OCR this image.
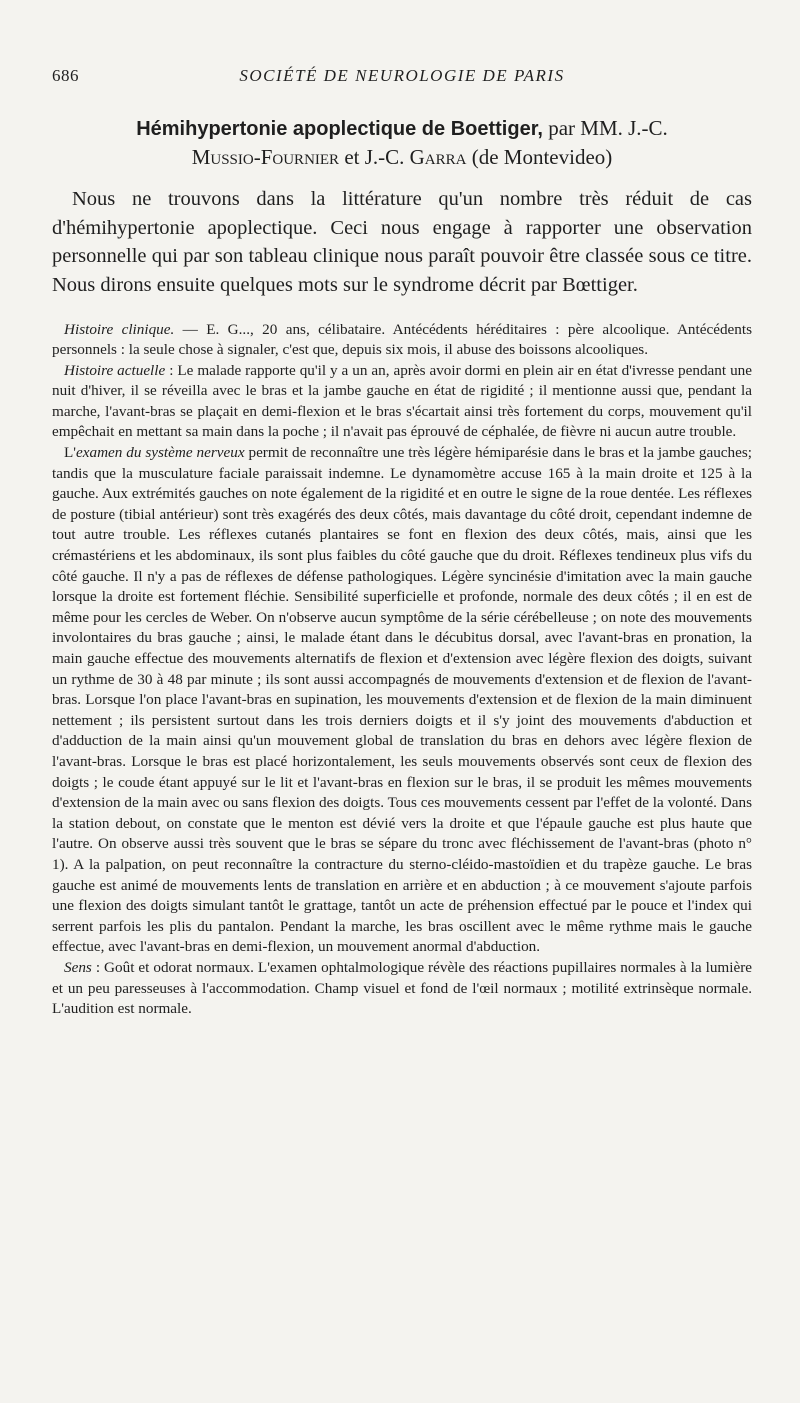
686	SOCIÉTÉ DE NEUROLOGIE DE PARIS
Hémihypertonie apoplectique de Boettiger, par MM. J.-C.
Mussio-Fournier et J.-C. Garra (de Montevideo)

Nous ne trouvons dans la littérature qu'un nombre très réduit de cas d'hémihypertonie apoplectique. Ceci nous engage à rapporter une observation personnelle qui par son tableau clinique nous paraît pouvoir être classée sous ce titre. Nous dirons ensuite quelques mots sur le syndrome décrit par Bœttiger.

Histoire clinique. — E. G..., 20 ans, célibataire. Antécédents héréditaires : père alcoolique. Antécédents personnels : la seule chose à signaler, c'est que, depuis six mois, il abuse des boissons alcooliques.

Histoire actuelle : Le malade rapporte qu'il y a un an, après avoir dormi en plein air en état d'ivresse pendant une nuit d'hiver, il se réveilla avec le bras et la jambe gauche en état de rigidité ; il mentionne aussi que, pendant la marche, l'avant-bras se plaçait en demi-flexion et le bras s'écartait ainsi très fortement du corps, mouvement qu'il empêchait en mettant sa main dans la poche ; il n'avait pas éprouvé de céphalée, de fièvre ni aucun autre trouble.

L'examen du système nerveux permit de reconnaître une très légère hémiparésie dans le bras et la jambe gauches; tandis que la musculature faciale paraissait indemne. Le dynamomètre accuse 165 à la main droite et 125 à la gauche. Aux extrémités gauches on note également de la rigidité et en outre le signe de la roue dentée. Les réflexes de posture (tibial antérieur) sont très exagérés des deux côtés, mais davantage du côté droit, cependant indemne de tout autre trouble. Les réflexes cutanés plantaires se font en flexion des deux côtés, mais, ainsi que les crémastériens et les abdominaux, ils sont plus faibles du côté gauche que du droit. Réflexes tendineux plus vifs du côté gauche. Il n'y a pas de réflexes de défense pathologiques. Légère syncinésie d'imitation avec la main gauche lorsque la droite est fortement fléchie. Sensibilité superficielle et profonde, normale des deux côtés ; il en est de même pour les cercles de Weber. On n'observe aucun symptôme de la série cérébelleuse ; on note des mouvements involontaires du bras gauche ; ainsi, le malade étant dans le décubitus dorsal, avec l'avant-bras en pronation, la main gauche effectue des mouvements alternatifs de flexion et d'extension avec légère flexion des doigts, suivant un rythme de 30 à 48 par minute ; ils sont aussi accompagnés de mouvements d'extension et de flexion de l'avant-bras. Lorsque l'on place l'avant-bras en supination, les mouvements d'extension et de flexion de la main diminuent nettement ; ils persistent surtout dans les trois derniers doigts et il s'y joint des mouvements d'abduction et d'adduction de la main ainsi qu'un mouvement global de translation du bras en dehors avec légère flexion de l'avant-bras. Lorsque le bras est placé horizontalement, les seuls mouvements observés sont ceux de flexion des doigts ; le coude étant appuyé sur le lit et l'avant-bras en flexion sur le bras, il se produit les mêmes mouvements d'extension de la main avec ou sans flexion des doigts. Tous ces mouvements cessent par l'effet de la volonté. Dans la station debout, on constate que le menton est dévié vers la droite et que l'épaule gauche est plus haute que l'autre. On observe aussi très souvent que le bras se sépare du tronc avec fléchissement de l'avant-bras (photo n° 1). A la palpation, on peut reconnaître la contracture du sterno-cléido-mastoïdien et du trapèze gauche. Le bras gauche est animé de mouvements lents de translation en arrière et en abduction ; à ce mouvement s'ajoute parfois une flexion des doigts simulant tantôt le grattage, tantôt un acte de préhension effectué par le pouce et l'index qui serrent parfois les plis du pantalon. Pendant la marche, les bras oscillent avec le même rythme mais le gauche effectue, avec l'avant-bras en demi-flexion, un mouvement anormal d'abduction.

Sens : Goût et odorat normaux. L'examen ophtalmologique révèle des réactions pupillaires normales à la lumière et un peu paresseuses à l'accommodation. Champ visuel et fond de l'œil normaux ; motilité extrinsèque normale. L'audition est normale.
